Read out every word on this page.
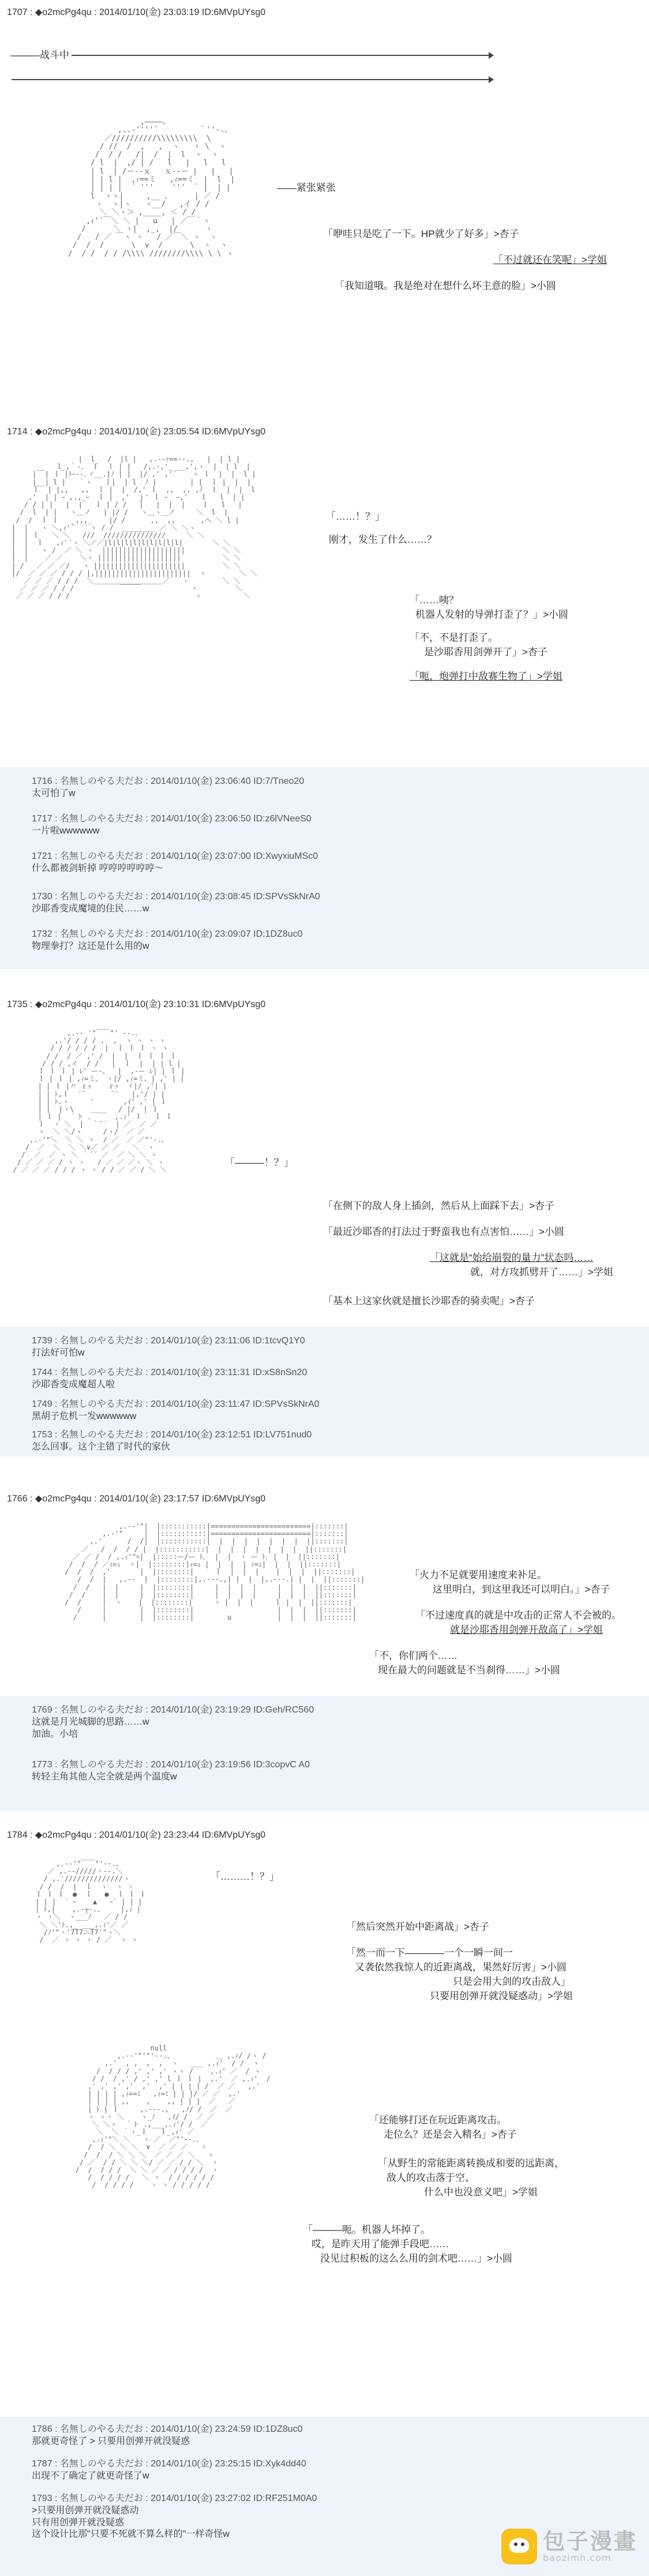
1707 : ◆o2mcPg4qu : 2014/01/10(金) 23:03:19 ID:6MVpUYsg0
———战斗中
,――――、
,..-''''´         ｀''-.、
／//////////\\\\\\\\\  \
/ //  /  ,   ,  ヽ   ヽ \  ヽ
/  / /   /|  /  |  l  ヽ  ヽ
/ l  |  ,/ | /   l   |   l   l
| l  | /ー--ｘ   ｘ--ー |   |   |
| | l |  ,ｨ==ミ   ,ｨ==ミ  |  l  |
| | | |  ´ '''    '''  ` |  | |
l  ヽヽ|     ,__ 、     | ／ /
ヽ  ヽ|ヽ   ヽ__/   ,イ / /
＼ ＼ヽ＞ ,____, ＜ / /
,ｨ'´￣＼ ＼ |   u   | ／￣｀ヽ
/      ＼ ヽ|  ,_,  |/      ヽ
/   / ／ ￣ヽ ヽ   / ／￣＼ ヽ  ヽ
/  /  /      \  v  /      \  ヽ  ヽ
/  / /  / / /\\\\ ////////\\\\ \ \ ヽ
——紧张紧张
「咿哇只是吃了一下。HP就少了好多」>杏子
「不过就还在笑呢」>学姐
「我知道哦。我是绝对在想什么坏主意的脸」>小圆
1714 : ◆o2mcPg4qu : 2014/01/10(金) 23:05:54 ID:6MVpUYsg0
|  l   /  |l |   ,.-‐ｧ==‐-.,   |  | l |
__   l_,｀-、 ｆ  ｌ | |   /,.-,'_  _,',ヽ  |  | l  |
|  | ｌ |ﾄｰ--､ゞ__.|ﾉ | |  |/ ,' ,'´￣  ヽ ｌ  |  |  l |
|__| l |   ｀ヽ   ｌ|  | l  ﾉ |        | |  ｌ |  |  |
ｌ  | |,,   ,,  ｌ |  |  /,' ｌ  ,,  ,, ,ﾉ  ｌ  |  |  l
,'  | | ｰ ,.,_ｰ  ｌ |  ,'  ｊ' ｌ ｰ  ｰ,'   ｌ   l  | |
/ / | |   |  |   ｌ | / /   |   |  |  |    ｌ   l   |
/  l  | |   ヽ＿ノ   | |/ /   ヽ＿ヽ＿ノ     ＼  l  |
/  /  ｌ ｌ   _,,,_    |/ /      ,,  ,,      ,ヘ ＼ l |
|  |   ヽ ＼,ｨ'´  ｀ヽ / /  ________ ／ ＼ ＼ヽ
|  | ｌ   ＼ ＼   ///  ///////////////     ＼ ＼
|  |  ｌ   ,ｨ'´ヽ ＼／／|l|l|l|l|l|l|l|l|l|       ＼ ＼
|  |   ヽ /  ／ ＼ ヽ  ||||||||||||||||||||         ＼ ＼
|  |    ／ ／    ＼ヽ ||||||||||||||||||||          ＼ ＼
| /   ／ ／ ／/   ヽ ||||||||||||||||||||||         ＼ ＼
|/  ／ ／ ／ / / / |,|||||||||||||||||||||||  ヽ        ＼ ＼
／ ／ ／ / / /  ＼＿＿＿＿＿＿＿＿＿＿／   ヽ        ＼ ＼
／ ／ ／ / / /           ￣￣￣            ヽ         ＼
／ ／ ／ / / /                              ヽ          ＼
「……！？」
刚才，发生了什么……？
「……咦？
机器人发射的导弹打歪了？」>小圆
「不，不是打歪了。
是沙耶香用剑弹开了」>杏子
「呃，炮弹打中敌赛生物了」>学姐
1716 : 名無しのやる夫だお : 2014/01/10(金) 23:06:40 ID:7/Tneo20
太可怕了w
1717 : 名無しのやる夫だお : 2014/01/10(金) 23:06:50 ID:z6lVNeeS0
一片啦wwwwww
1721 : 名無しのやる夫だお : 2014/01/10(金) 23:07:00 ID:XwyxiuMSc0
什么都被剑斩掉 哼哼哼哼哼哼～
1730 : 名無しのやる夫だお : 2014/01/10(金) 23:08:45 ID:SPVsSkNrA0
沙耶香变成魔境的住民……w
1732 : 名無しのやる夫だお : 2014/01/10(金) 23:09:07 ID:1DZ8uc0
物理拳打？这还是什么用的w
1735 : ◆o2mcPg4qu : 2014/01/10(金) 23:10:31 ID:6MVpUYsg0
,.-‐ '"￣￣"' ‐-.、
,.'/ / / / ,  ,  ヽ ヽ ヽ ヽ
/ / / / / /  |  ｌ ｌ ｌ ヽ ヽ
/ /  / ／ ,' /  |  |  ｌ ｌ ｌ ｌ
/ / / ,イ  / /   |  ｌ  |  | | l |
ｌ ｌ ｌ | ﾚ' ー-、  |  ,-ー ﾚ| | ｌ |
ｌ | ｌ | ,ｨ=ミ、 ヽ|/ ,ｨ=ミ、| ,' | |
| | ｌ |〃 ｒｯ    ｒｯ  ヾ|/ ,'| |
| | ﾄ,ｌ  ´¨      ¨`   |,'/ | |
| | ﾄ.ヽ     '       ,ｲ' ,' | ｌ
| |  |ヽ\    ＿_    / |/  | ｌ
| ｌ |  ｀ト ､  ￣  ,.ｨ' ｌ   ｌ ｌ
ｌ  ヽ ＼  |  ｀¨´  | ／  ／ ／
ヽ  ＼ ＼/ヽ     /ヽ/  ／ ／
,.-'"＼  ＼ ＼ ヽ  / ／  ／ ／"'-.、
/  ／  ＼  ＼ ＼∨／ ／ ／   ＼  ヽ
/  ／  ／ ヽ ＼ ｀¨´ ／  ／ ＼ ＼ ヽ
/ ／ ／ ／ / ヽ ヽ   / ／ ／ ／ヽ ＼ ヽ
/ ／ ／ ／ / / / ヽ ヽ / / ／ ／ / ＼ ＼
「———！？」
「在侧下的敌人身上插剑，然后从上面踩下去」>杏子
「最近沙耶香的打法过于野蛮我也有点害怕……」>小圆
「这就是“始给崩裂的量力”状态吗……
就，对方攻抓劈开了……」>学姐
「基本上这家伙就是擅长沙耶香的骑卖呢」>杏子
1739 : 名無しのやる夫だお : 2014/01/10(金) 23:11:06 ID:1tcvQ1Y0
打法好可怕w
1744 : 名無しのやる夫だお : 2014/01/10(金) 23:11:31 ID:xS8nSn20
沙耶香变成魔超人啦
1749 : 名無しのやる夫だお : 2014/01/10(金) 23:11:47 ID:SPVsSkNrA0
黑胡子危机一发wwwwww
1753 : 名無しのやる夫だお : 2014/01/10(金) 23:12:51 ID:LV751nud0
怎么回事。这个主错了时代的家伙
1766 : ◆o2mcPg4qu : 2014/01/10(金) 23:17:57 ID:6MVpUYsg0
,.-‐'"|  |:::::::::::|========================|:::::::|
,.-'"     |  |:::::::::::|========================|:::::::|
,.'      /  /|  |:::::::::::|  |  |  |  |  |  |  |  ||:::::::|
／   /  /  / / |  |:::::::::::|  |  |  |  |  |  |  |  ||:::::::|
／ ／ /  / ,.ｨ'"ﾍ|  |:::::ー/ー ﾄ､  |  |  ヽ ー ﾄ､ |  |  ||:::::::|
/  /  / ／ｨ=ｭ  ヽ|  |::::::::|ｨ=ｭ |  |  |  | ｨ=ｭ|  |  |  ||:::::::|
/  /  /  ,'       |  |::::::::|     ｌ  |  |  |    |  |  |  ||:::::::|
/  /  |   ,.--  |  |::::::::|,.-‐-.,| |  |  |,.-‐-.| |  |  ||:::::::|
/  /   |  |     |  |::::::::|     |  |  |  |     |  |  |  ||:::::::|
/  /    |  |     |  |::::::::|     |  |  |  |     |  |  |  ||:::::::|
/  /     |  ヽ    |  |::::::::|     ヽ |  |  |     ｌ |  |  ||:::::::|
/     |        |  |::::::::|                    |  |  |  ||:::::::|
/      |        |  |::::::::|        u           |  |  |  ||:::::::|
「火力不足就要用速度来补足。
这里明白，到这里我还可以明白。」>杏子
「不过速度真的就是中攻击的正常人不会被的。
就是沙耶香用剑弹开敌高了」>学姐
「不，你们两个……
现在最大的问题就是不当刹得……」>小圆
1769 : 名無しのやる夫だお : 2014/01/10(金) 23:19:29 ID:Geh/RC560
这就是月光城脚的思路……w
加油。小培
1773 : 名無しのやる夫だお : 2014/01/10(金) 23:19:56 ID:3copvC A0
转轻主角其他人完全就是两个温度w
1784 : ◆o2mcPg4qu : 2014/01/10(金) 23:23:44 ID:6MVpUYsg0
,.-‐'"￣￣"'‐-.、
／ ,.-‐/////ヽ‐-.＼
/ ,.'//////////////ヽ
/ /  /  |  ｌ  ヽ  ヽ ヽ
ｌ ｌ ｌ  ●  ｌ   ●  ｌ ｌ ｌ
| | |  ´ ｰ    ▲   ｰ` | | |
| ﾄ,|    ,.-┬-.、    |,ｨ |
ヽ ヽ＼  ヽ___ﾉ   ／ / /
＼ ＼'ﾄ.,_ ___,.ｨ'／ ／
/ﾉ'"ヽ'7T7ニT7'"ヽ＼
/  ／ ヽ ヽ ヽ / ／  ヽ ヽ
「………！？」
「然后突然开始中距离战」>杏子
「然一而一下————一个一瞬一间一
又袭依然我惊人的近距离战，果然好厉害」>小圆
只是会用大剑的攻击敌人」
只要用创弹开就没疑惑动」>学姐
null
,.-‐'"'"'‐-.、          ＿ ,.ｨ/ /ヽ /
,.'  , ,  ,  ,  ヽ   ___ ,.ｨ'  / /  ヽ
/  / / / ,' ,' ,' ヽヽ /    ,.ｨ' ／  / ヽ
/ /  / ,' / ,' ,' l ｌ ｌ |  ,.'  ／ ,.ｨ'  /
,' ,' ,' ,'  ,'  ,' | | | | /  ／ ／   ,.'
| | | | ,ｨ==ﾐ   ,ｨ=ﾐ | | |/ ／ ／  ,.'
| | | | ,,    ,    ,, | | |  ／   ／
| ﾄ | ｌ     ,.-‐-.,   ,ﾉ/ /  ／  ／
ヽ ヽヽ ＼    ヽ_ﾉ   ,ｲ/ /  ／ ／
＼ ＼ヽ  ｀ト .,___,.ｨ'/ /  ／
＼  ＼ ｀ヽ_ｌ   ｌ_,ｨ' ／
,.ｨ'"＼ ＼   ヽ ／  ／"'ｰ-.、
/  / ＼ ＼ ＼  ∨  ／ ／ ／   ヽ
/  /  / ＼ ＼ ＼  ／ ／ ／ ＼   ヽ
/ ／  / / ＼ ＼ ＼/ ／ ／ / / ＼  ヽ
/  /  / / /  ＼ ＼ ／ ／ / / / /  ヽ
/  / / / /   ＼ ヽ  / / / / / /
/  / / / /    ヽ ヽ / / / / /
「还能够打还在玩近距离攻击。
走位么？还是会入精名」>杏子
「从野生的常能距离转换成和要的远距离，
敌人的攻击落于空、
什么中也没意义吧」>学姐
「———呃。机器人坏掉了。
哎，是昨天用了能弹手段吧……
没见过积板的这么么用的剑术吧……」>小圆
1786 : 名無しのやる夫だお : 2014/01/10(金) 23:24:59 ID:1DZ8uc0
那就更奇怪了 > 只要用创弹开就没疑惑
1787 : 名無しのやる夫だお : 2014/01/10(金) 23:25:15 ID:Xyk4dd40
出现不了确定了就更奇怪了w
1793 : 名無しのやる夫だお : 2014/01/10(金) 23:27:02 ID:RF251M0A0
>只要用创弹开就没疑惑动
只有用创弹开就没疑惑
这个设计比那"只要不死就不算么样的"一样奇怪w	包子漫畫
baozimh.com
